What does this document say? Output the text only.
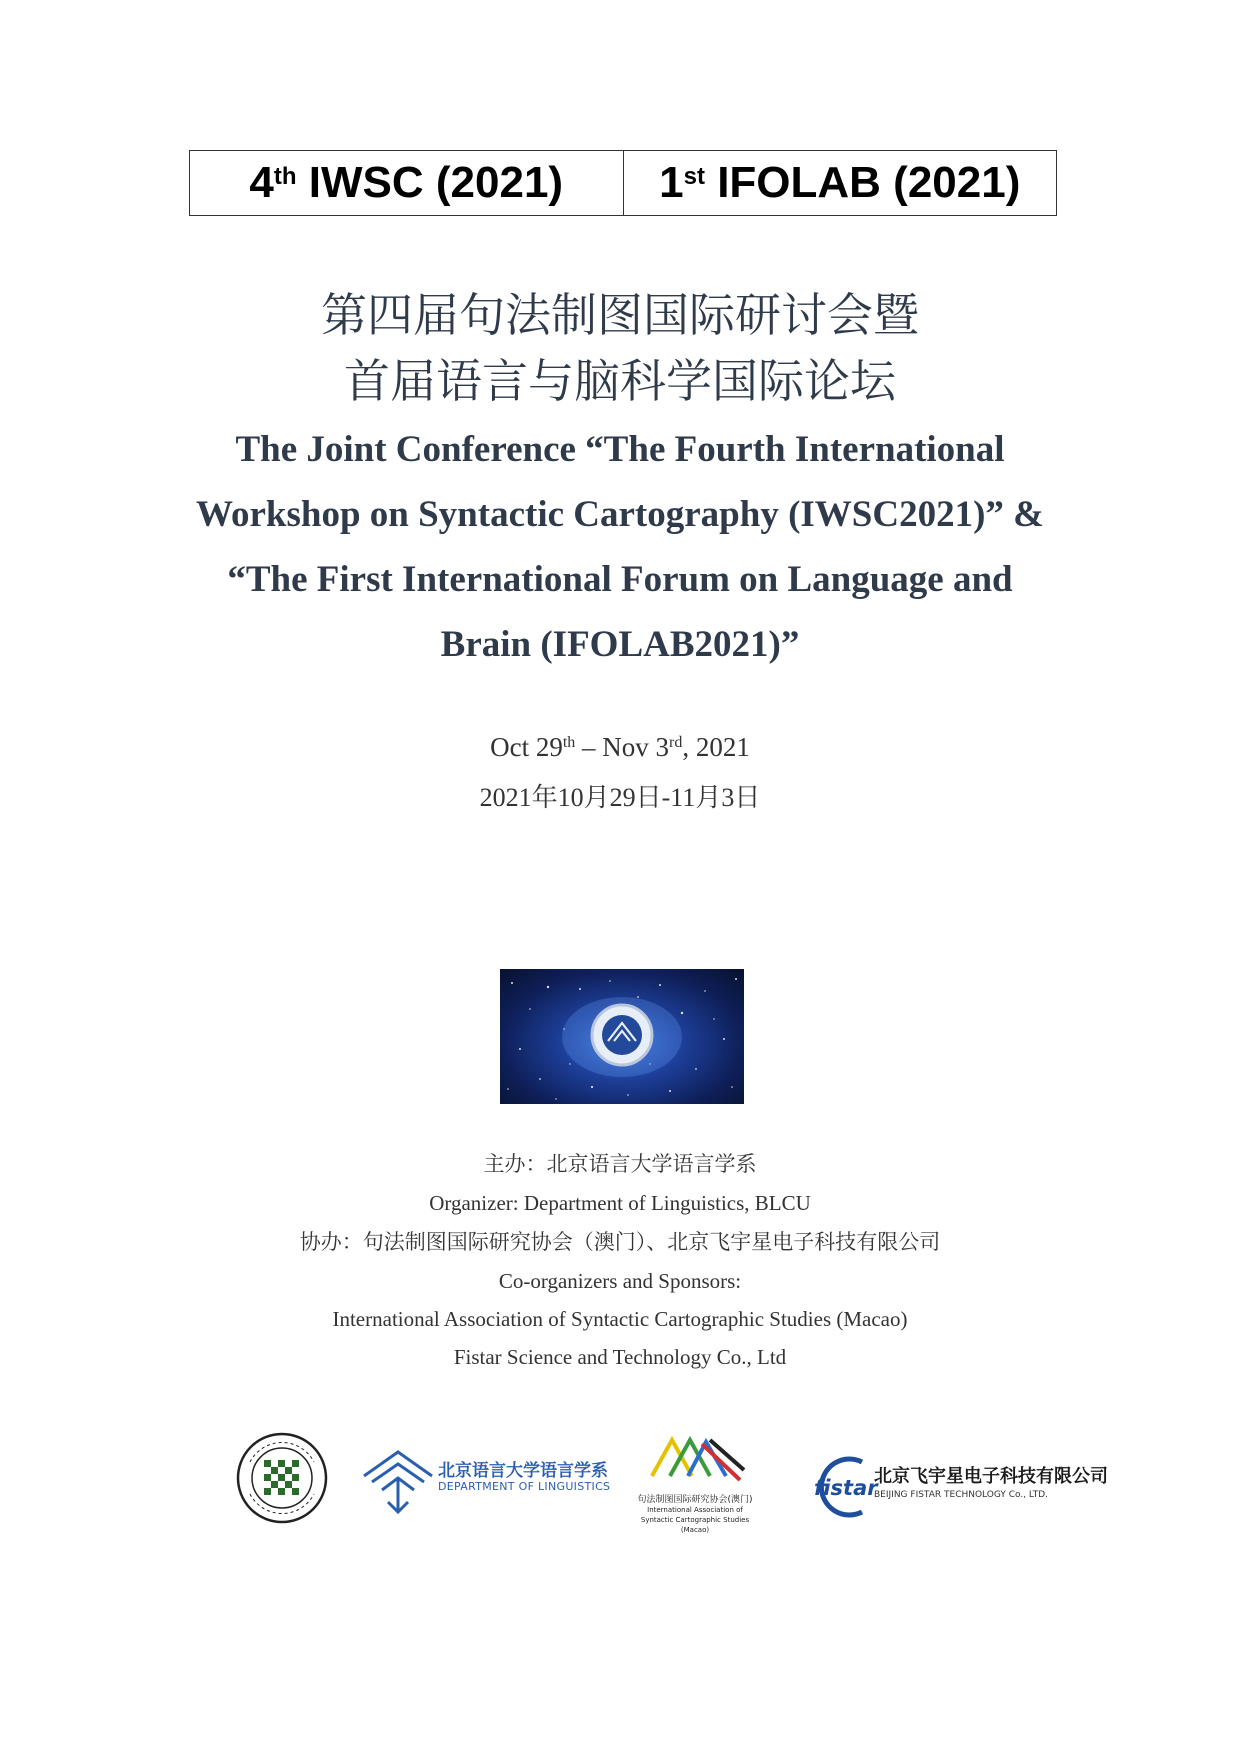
4th IWSC (2021) 1st IFOLAB (2021)
第四届句法制图国际研讨会暨
首届语言与脑科学国际论坛
The Joint Conference “The Fourth International
Workshop on Syntactic Cartography (IWSC2021)” &
“The First International Forum on Language and
Brain (IFOLAB2021)”
Oct 29th – Nov 3rd, 2021
2021年10月29日-11月3日
主办：北京语言大学语言学系
Organizer: Department of Linguistics, BLCU
协办：句法制图国际研究协会（澳门）、北京飞宇星电子科技有限公司
Co-organizers and Sponsors:
International Association of Syntactic Cartographic Studies (Macao)
Fistar Science and Technology Co., Ltd
北京语言大学语言学系
DEPARTMENT OF LINGUISTICS
句法制图国际研究协会(澳门)
International Association of
Syntactic Cartographic Studies
(Macao)
fistar
北京飞宇星电子科技有限公司
BEIJING FISTAR TECHNOLOGY Co., LTD.
